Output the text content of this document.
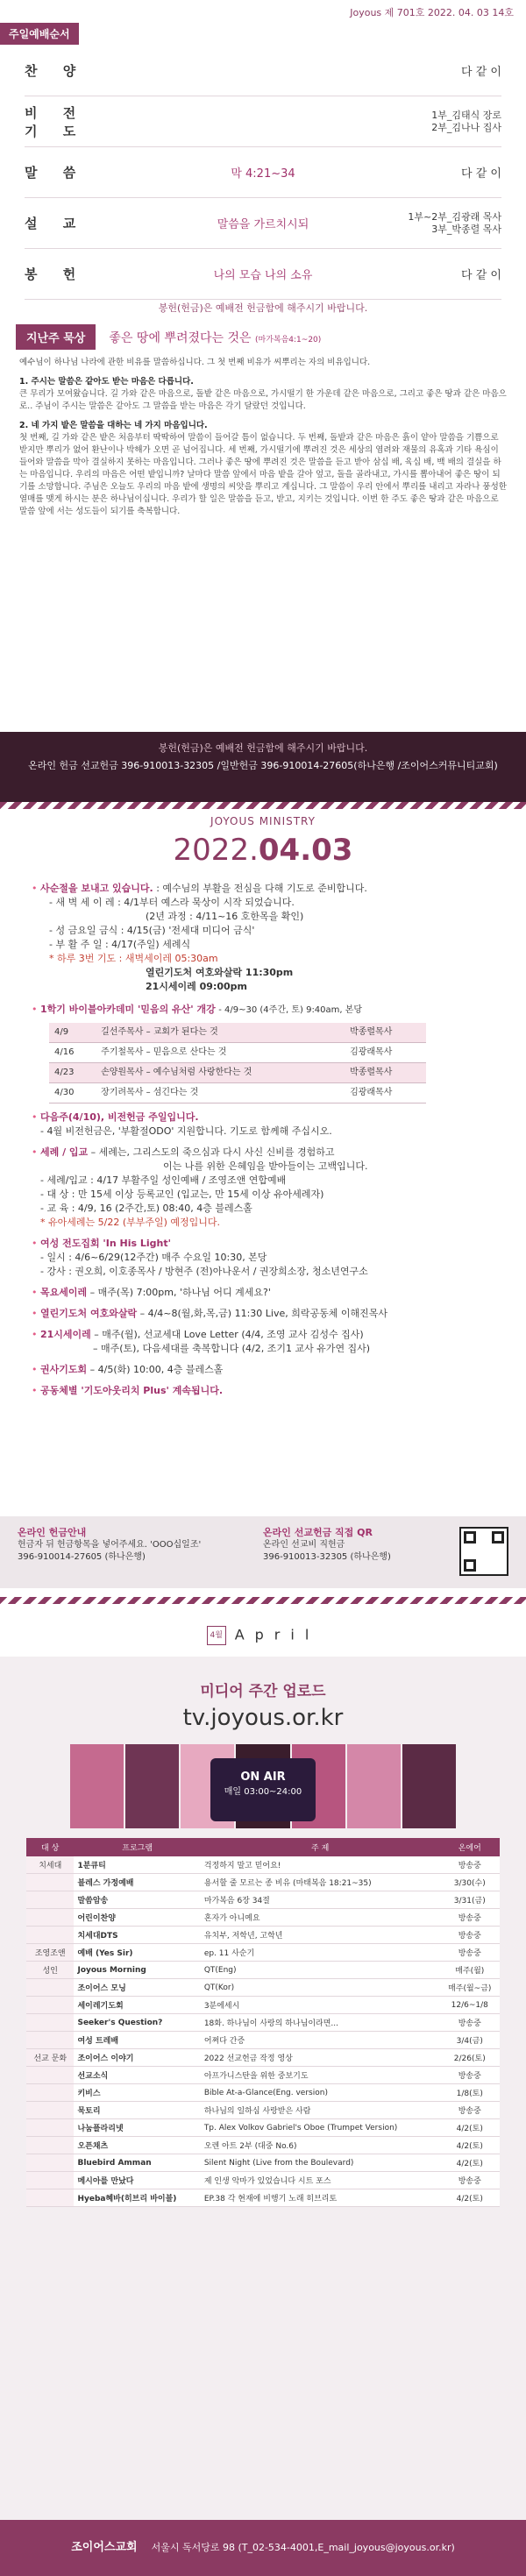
Joyous 제 701호 2022. 04. 03 14호
주일예배순서
찬 양	다 같 이
비 전 기 도
1부_김태식 장로
2부_김나나 집사
말 씀	막 4:21~34	다 같 이
설 교	말씀을 가르치시되
1부~2부_김광래 목사
3부_박종렬 목사
봉 헌	나의 모습 나의 소유	다 같 이
봉헌(헌금)은 예배전 헌금함에 해주시기 바랍니다.
지난주 묵상 좋은 땅에 뿌려졌다는 것은 (마가복음4:1~20)

예수님이 하나님 나라에 관한 비유를 말씀하십니다. 그 첫 번째 비유가 씨뿌리는 자의 비유입니다.

1. 주시는 말씀은 같아도 받는 마음은 다릅니다.
큰 무리가 모여왔습니다. 길 가와 같은 마음으로, 돌밭 같은 마음으로, 가시떨기 한 가운데 같은 마음으로, 그리고 좋은 땅과 같은 마음으로.. 주님이 주시는 말씀은 같아도 그 말씀을 받는 마음은 각기 달랐던 것입니다.

2. 네 가지 밭은 말씀을 대하는 네 가지 마음입니다.
첫 번째, 길 가와 같은 밭은 처음부터 딱딱하여 말씀이 들어갈 틈이 없습니다. 두 번째, 돌밭과 같은 마음은 흙이 얕아 말씀을 기쁨으로 받지만 뿌리가 없어 환난이나 박해가 오면 곧 넘어집니다. 세 번째, 가시떨기에 뿌려진 것은 세상의 염려와 재물의 유혹과 기타 욕심이 들어와 말씀을 막아 결실하지 못하는 마음입니다. 그러나 좋은 땅에 뿌려진 것은 말씀을 듣고 받아 삼십 배, 육십 배, 백 배의 결실을 하는 마음입니다. 우리의 마음은 어떤 밭입니까? 날마다 말씀 앞에서 마음 밭을 갈아 엎고, 돌을 골라내고, 가시를 뽑아내어 좋은 땅이 되기를 소망합니다. 주님은 오늘도 우리의 마음 밭에 생명의 씨앗을 뿌리고 계십니다. 그 말씀이 우리 안에서 뿌리를 내리고 자라나 풍성한 열매를 맺게 하시는 분은 하나님이십니다. 우리가 할 일은 말씀을 듣고, 받고, 지키는 것입니다. 이번 한 주도 좋은 땅과 같은 마음으로 말씀 앞에 서는 성도들이 되기를 축복합니다.

봉헌(헌금)은 예배전 헌금함에 해주시기 바랍니다.
온라인 헌금 선교헌금 396-910013-32305 /일반헌금 396-910014-27605(하나은행 /조이어스커뮤니티교회)
JOYOUS MINISTRY
2022.04.03
• 사순절을 보내고 있습니다. : 예수님의 부활을 전심을 다해 기도로 준비합니다.
- 새 벽 세 이 레 : 4/1부터 예스라 묵상이 시작 되었습니다.
(2년 과정 : 4/11~16 호한목을 확인)
- 성 금요일 금식 : 4/15(금) '전세대 미디어 금식'
- 부 활 주 일 : 4/17(주일) 세례식
* 하루 3번 기도 : 새벽세이레 05:30am
열린기도처 여호와살락 11:30pm
21시세이레 09:00pm
• 1학기 바이블아카데미 '믿음의 유산' 개강 - 4/9~30 (4주간, 토) 9:40am, 본당
4/9	길선주목사 – 교회가 된다는 것	박종렬목사
4/16	주기철목사 – 믿음으로 산다는 것	김광래목사
4/23	손양원목사 – 예수님처럼 사랑한다는 것	박종렬목사
4/30	장기려목사 – 섬긴다는 것	김광래목사
• 다음주(4/10), 비전헌금 주일입니다.
- 4월 비전헌금은, '부활절ODO' 지원합니다. 기도로 함께해 주십시오.
• 세례 / 입교 – 세례는, 그리스도의 죽으심과 다시 사신 신비를 경험하고
이는 나를 위한 은혜임을 받아들이는 고백입니다.
- 세례/입교 : 4/17 부활주일 성인예배 / 조영조앤 연합예배
- 대 상 : 만 15세 이상 등록교인 (입교는, 만 15세 이상 유아세례자)
- 교 육 : 4/9, 16 (2주간,토) 08:40, 4층 블레스홀
* 유아세례는 5/22 (부부주일) 예정입니다.
• 여성 전도집회 'In His Light'
- 일시 : 4/6~6/29(12주간) 매주 수요일 10:30, 본당
- 강사 : 권오희, 이호종목사 / 방현주 (전)아나운서 / 권장희소장, 청소년연구소
• 목요세이레 – 매주(목) 7:00pm, '하나님 어디 계세요?'
• 열린기도처 여호와살락 – 4/4~8(월,화,목,금) 11:30 Live, 희락공동체 이해진목사
• 21시세이레 – 매주(월), 선교세대 Love Letter (4/4, 조영 교사 김성수 집사)
– 매주(토), 다음세대를 축복합니다 (4/2, 조기1 교사 유가연 집사)
• 권사기도회 – 4/5(화) 10:00, 4층 블레스홀
• 공동체별 '기도아웃리치 Plus' 계속됩니다.
온라인 헌금안내
헌금자 뒤 헌금항목을 넣어주세요. 'OOO십일조'
396-910014-27605 (하나은행)
온라인 선교헌금 직접 QR
온라인 선교비 직헌금
396-910013-32305 (하나은행)
4월 April
미디어 주간 업로드
tv.joyous.or.kr
ON AIR
매일 03:00~24:00
대 상	프로그램	주 제	온에어
치세대	1분큐티	걱정하지 말고 믿어요!	방송중
	블레스 가정예배	용서할 줄 모르는 종 비유 (마태복음 18:21~35)	3/30(수)
	말씀암송	마가복음 6장 34절	3/31(금)
	어린이찬양	혼자가 아니예요	방송중
	치세대DTS	유치부, 저학년, 고학년	방송중
조영조앤	예배 (Yes Sir)	ep. 11 사순기	방송중
성인	Joyous Morning	QT(Eng)	매주(월)
	조이어스 모닝	QT(Kor)	매주(월~금)
	세이레기도회	3분에세시	12/6~1/8
	Seeker's Question?	18화. 하나님이 사랑의 하나님이라면...	방송중
	여성 트레배	어쩌다 간증	3/4(금)
선교 문화	조이어스 이야기	2022 선교헌금 작정 영상	2/26(토)
	선교소식	아프가니스탄을 위한 중보기도	방송중
	키비스	Bible At-a-Glance(Eng. version)	1/8(토)
	묵토리	하나님의 일하심 사랑받은 사람	방송중
	나눔플라리넷	Tp. Alex Volkov Gabriel's Oboe (Trumpet Version)	4/2(토)
	오픈채츠	오렌 아트 2부 (대중 No.6)	4/2(토)
	Bluebird Amman	Silent Night (Live from the Boulevard)	4/2(토)
	메시아를 만났다	제 인생 악마가 있었습니다 시트 포스	방송중
	Hyeba혜바(히브리 바이블)	EP.38 각 현재에 비행기 노래 히브리토	4/2(토)
조이어스교회 서울시 독서당로 98 (T_02-534-4001,E_mail_joyous@joyous.or.kr)
